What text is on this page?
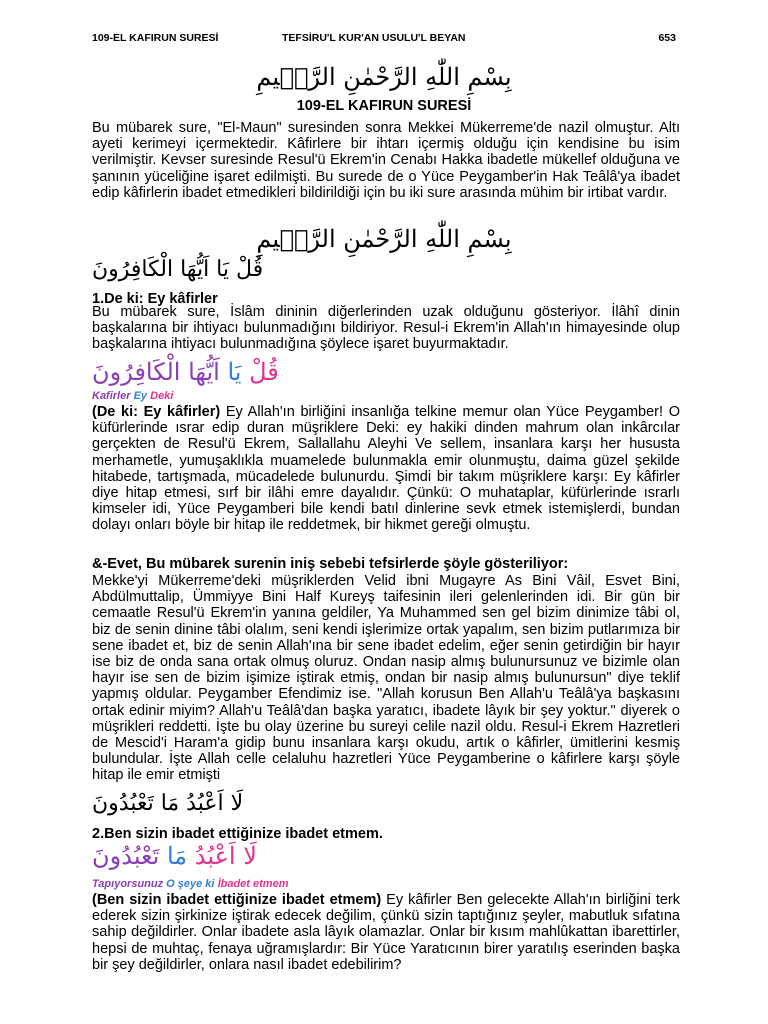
109-EL KAFIRUN SURESİ	TEFSİRU'L KUR'AN USULU'L BEYAN	653
بِسْمِ اللّٰهِ الرَّحْمٰنِ الرَّح۪يمِ
109-EL KAFIRUN SURESİ
Bu mübarek sure, "El-Maun" suresinden sonra Mekkei Mükerreme'de nazil olmuştur. Altı ayeti kerimeyi içermektedir. Kâfirlere bir ihtarı içermiş olduğu için kendisine bu isim verilmiştir. Kevser suresinde Resul'ü Ekrem'in Cenabı Hakka ibadetle mükellef olduğuna ve şanının yüceliğine işaret edilmişti. Bu surede de o Yüce Peygamber'in Hak Teâlâ'ya ibadet edip kâfirlerin ibadet etmedikleri bildirildiği için bu iki sure arasında mühim bir irtibat vardır.
بِسْمِ اللّٰهِ الرَّحْمٰنِ الرَّح۪يمِ
قُلْ يَا اَيُّهَا الْكَافِرُونَ
1.De ki: Ey kâfirler
Bu mübarek sure, İslâm dininin diğerlerinden uzak olduğunu gösteriyor. İlâhî dinin başkalarına bir ihtiyacı bulunmadığını bildiriyor. Resul-i Ekrem'in Allah'ın himayesinde olup başkalarına ihtiyacı bulunmadığına şöylece işaret buyurmaktadır.
قُلْ يَا اَيُّهَا الْكَافِرُونَ
Kafirler Ey Deki
(De ki: Ey kâfirler) Ey Allah'ın birliğini insanlığa telkine memur olan Yüce Peygamber! O küfürlerinde ısrar edip duran müşriklere Deki: ey hakiki dinden mahrum olan inkârcılar gerçekten de Resul'ü Ekrem, Sallallahu Aleyhi Ve sellem, insanlara karşı her hususta merhametle, yumuşaklıkla muamelede bulunmakla emir olunmuştu, daima güzel şekilde hitabede, tartışmada, mücadelede bulunurdu. Şimdi bir takım müşriklere karşı: Ey kâfirler diye hitap etmesi, sırf bir ilâhi emre dayalıdır. Çünkü: O muhataplar, küfürlerinde ısrarlı kimseler idi, Yüce Peygamberi bile kendi batıl dinlerine sevk etmek istemişlerdi, bundan dolayı onları böyle bir hitap ile reddetmek, bir hikmet gereği olmuştu.
&-Evet, Bu mübarek surenin iniş sebebi tefsirlerde şöyle gösteriliyor:
Mekke'yi Mükerreme'deki müşriklerden Velid ibni Mugayre As Bini Vâil, Esvet Bini, Abdülmuttalip, Ümmiyye Bini Half Kureyş taifesinin ileri gelenlerinden idi. Bir gün bir cemaatle Resul'ü Ekrem'in yanına geldiler, Ya Muhammed sen gel bizim dinimize tâbi ol, biz de senin dinine tâbi olalım, seni kendi işlerimize ortak yapalım, sen bizim putlarımıza bir sene ibadet et, biz de senin Allah'ına bir sene ibadet edelim, eğer senin getirdiğin bir hayır ise biz de onda sana ortak olmuş oluruz. Ondan nasip almış bulunursunuz ve bizimle olan hayır ise sen de bizim işimize iştirak etmiş, ondan bir nasip almış bulunursun" diye teklif yapmış oldular. Peygamber Efendimiz ise. "Allah korusun Ben Allah'u Teâlâ'ya başkasını ortak edinir miyim? Allah'u Teâlâ'dan başka yaratıcı, ibadete lâyık bir şey yoktur." diyerek o müşrikleri reddetti. İşte bu olay üzerine bu sureyi celile nazil oldu. Resul-i Ekrem Hazretleri de Mescid'i Haram'a gidip bunu insanlara karşı okudu, artık o kâfirler, ümitlerini kesmiş bulundular. İşte Allah celle celaluhu hazretleri Yüce Peygamberine o kâfirlere karşı şöyle hitap ile emir etmişti
لَا اَعْبُدُ مَا تَعْبُدُونَ
2.Ben sizin ibadet ettiğinize ibadet etmem.
لَا اَعْبُدُ مَا تَعْبُدُونَ
Tapıyorsunuz O şeye ki İbadet etmem
(Ben sizin ibadet ettiğinize ibadet etmem) Ey kâfirler Ben gelecekte Allah'ın birliğini terk ederek sizin şirkinize iştirak edecek değilim, çünkü sizin taptığınız şeyler, mabutluk sıfatına sahip değildirler. Onlar ibadete asla lâyık olamazlar. Onlar bir kısım mahlûkattan ibarettirler, hepsi de muhtaç, fenaya uğramışlardır: Bir Yüce Yaratıcının birer yaratılış eserinden başka bir şey değildirler, onlara nasıl ibadet edebilirim?
